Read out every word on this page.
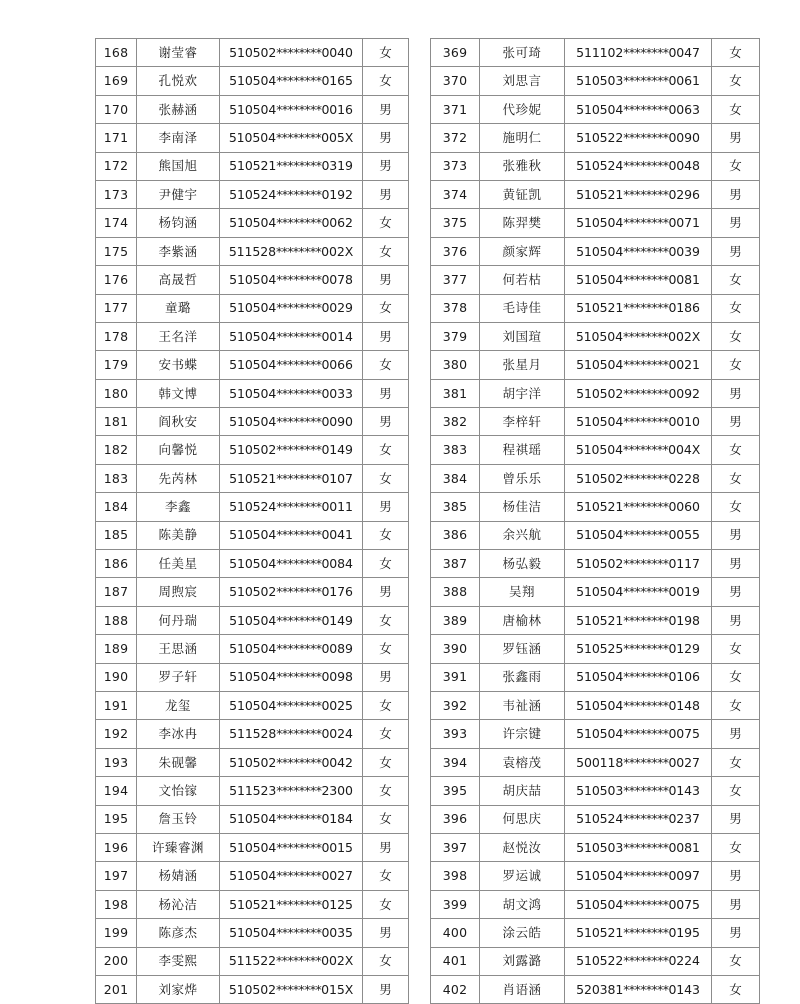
168	谢莹睿	510502********0040	女
169	孔悦欢	510504********0165	女
170	张赫涵	510504********0016	男
171	李南泽	510504********005X	男
172	熊国旭	510521********0319	男
173	尹健宇	510524********0192	男
174	杨钧涵	510504********0062	女
175	李紫涵	511528********002X	女
176	高晟哲	510504********0078	男
177	童璐	510504********0029	女
178	王名洋	510504********0014	男
179	安书蝶	510504********0066	女
180	韩文博	510504********0033	男
181	阎秋安	510504********0090	男
182	向馨悦	510502********0149	女
183	先芮林	510521********0107	女
184	李鑫	510524********0011	男
185	陈美静	510504********0041	女
186	任美星	510504********0084	女
187	周煦宸	510502********0176	男
188	何丹瑞	510504********0149	女
189	王思涵	510504********0089	女
190	罗子轩	510504********0098	男
191	龙玺	510504********0025	女
192	李冰冉	511528********0024	女
193	朱砚馨	510502********0042	女
194	文怡镓	511523********2300	女
195	詹玉铃	510504********0184	女
196	许臻睿渊	510504********0015	男
197	杨婧涵	510504********0027	女
198	杨沁洁	510521********0125	女
199	陈彦杰	510504********0035	男
200	李雯熙	511522********002X	女
201	刘家烨	510502********015X	男
369	张可琦	511102********0047	女
370	刘思言	510503********0061	女
371	代珍妮	510504********0063	女
372	施明仁	510522********0090	男
373	张雅秋	510524********0048	女
374	黄钲凯	510521********0296	男
375	陈羿樊	510504********0071	男
376	颜家辉	510504********0039	男
377	何若枯	510504********0081	女
378	毛诗佳	510521********0186	女
379	刘国瑄	510504********002X	女
380	张星月	510504********0021	女
381	胡宇洋	510502********0092	男
382	李梓轩	510504********0010	男
383	程祺瑶	510504********004X	女
384	曾乐乐	510502********0228	女
385	杨佳洁	510521********0060	女
386	余兴航	510504********0055	男
387	杨弘毅	510502********0117	男
388	吴翔	510504********0019	男
389	唐榆林	510521********0198	男
390	罗钰涵	510525********0129	女
391	张鑫雨	510504********0106	女
392	韦祉涵	510504********0148	女
393	许宗键	510504********0075	男
394	袁榕茂	500118********0027	女
395	胡庆喆	510503********0143	女
396	何思庆	510524********0237	男
397	赵悦汝	510503********0081	女
398	罗运诚	510504********0097	男
399	胡文鸿	510504********0075	男
400	涂云皓	510521********0195	男
401	刘露潞	510522********0224	女
402	肖语涵	520381********0143	女
